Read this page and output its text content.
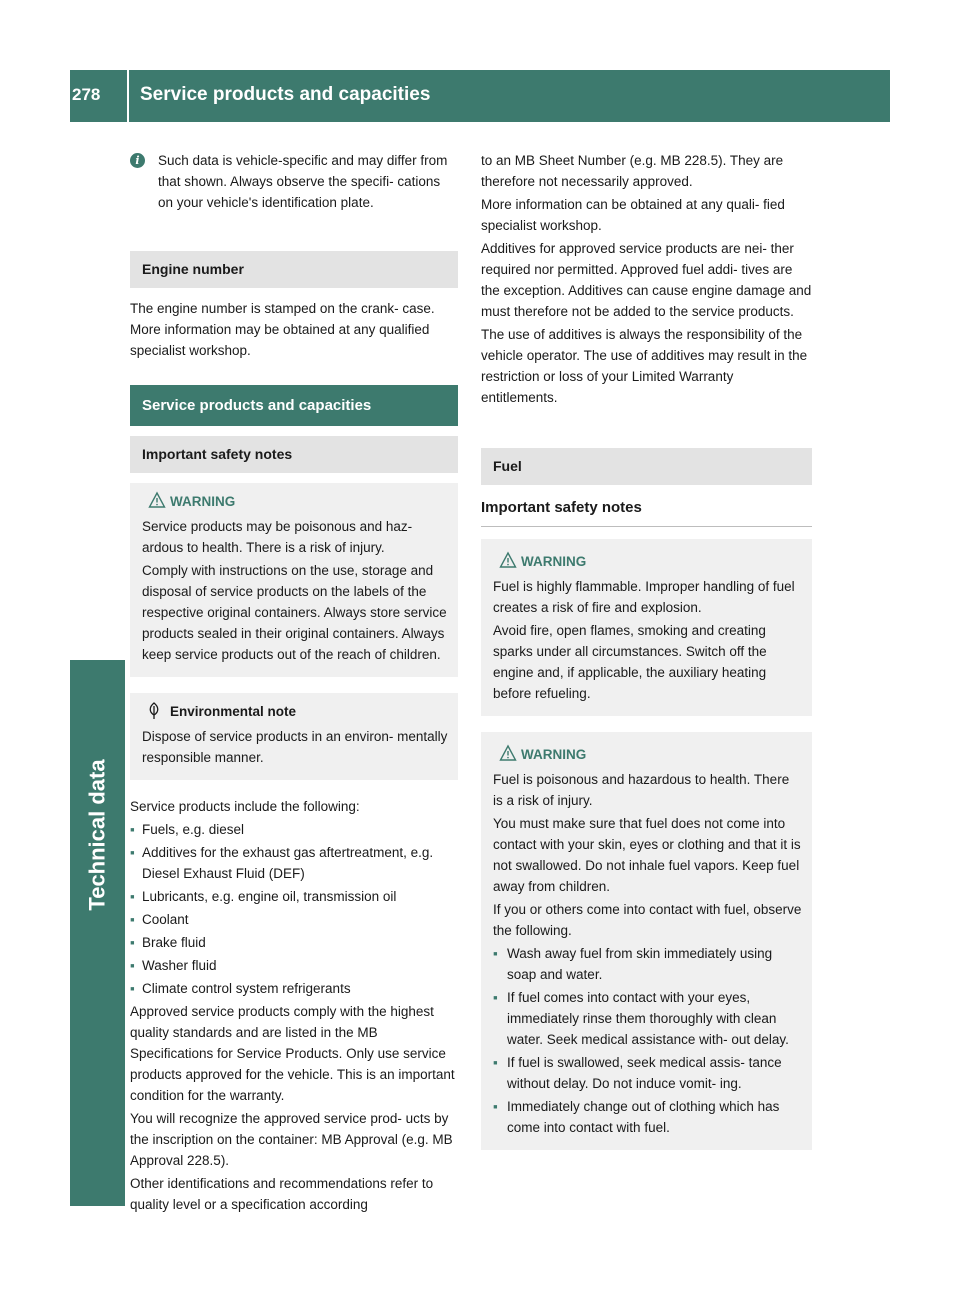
278	Service products and capacities
Technical data
i	Such data is vehicle-specific and may differ from that shown. Always observe the specifi- cations on your vehicle's identification plate.
Engine number

The engine number is stamped on the crank- case. More information may be obtained at any qualified specialist workshop.

Service products and capacities
Important safety notes
WARNING

Service products may be poisonous and haz- ardous to health. There is a risk of injury.

Comply with instructions on the use, storage and disposal of service products on the labels of the respective original containers. Always store service products sealed in their original containers. Always keep service products out of the reach of children.

Environmental note

Dispose of service products in an environ- mentally responsible manner.

Service products include the following:

▪ Fuels, e.g. diesel
▪ Additives for the exhaust gas aftertreatment, e.g. Diesel Exhaust Fluid (DEF)
▪ Lubricants, e.g. engine oil, transmission oil
▪ Coolant
▪ Brake fluid
▪ Washer fluid
▪ Climate control system refrigerants

Approved service products comply with the highest quality standards and are listed in the MB Specifications for Service Products. Only use service products approved for the vehicle. This is an important condition for the warranty.

You will recognize the approved service prod- ucts by the inscription on the container: MB Approval (e.g. MB Approval 228.5).

Other identifications and recommendations refer to quality level or a specification according

to an MB Sheet Number (e.g. MB 228.5). They are therefore not necessarily approved.

More information can be obtained at any quali- fied specialist workshop.

Additives for approved service products are nei- ther required nor permitted. Approved fuel addi- tives are the exception. Additives can cause engine damage and must therefore not be added to the service products.

The use of additives is always the responsibility of the vehicle operator. The use of additives may result in the restriction or loss of your Limited Warranty entitlements.

Fuel
Important safety notes
WARNING

Fuel is highly flammable. Improper handling of fuel creates a risk of fire and explosion.

Avoid fire, open flames, smoking and creating sparks under all circumstances. Switch off the engine and, if applicable, the auxiliary heating before refueling.

WARNING

Fuel is poisonous and hazardous to health. There is a risk of injury.

You must make sure that fuel does not come into contact with your skin, eyes or clothing and that it is not swallowed. Do not inhale fuel vapors. Keep fuel away from children.

If you or others come into contact with fuel, observe the following.

▪ Wash away fuel from skin immediately using soap and water.
▪ If fuel comes into contact with your eyes, immediately rinse them thoroughly with clean water. Seek medical assistance with- out delay.
▪ If fuel is swallowed, seek medical assis- tance without delay. Do not induce vomit- ing.
▪ Immediately change out of clothing which has come into contact with fuel.
